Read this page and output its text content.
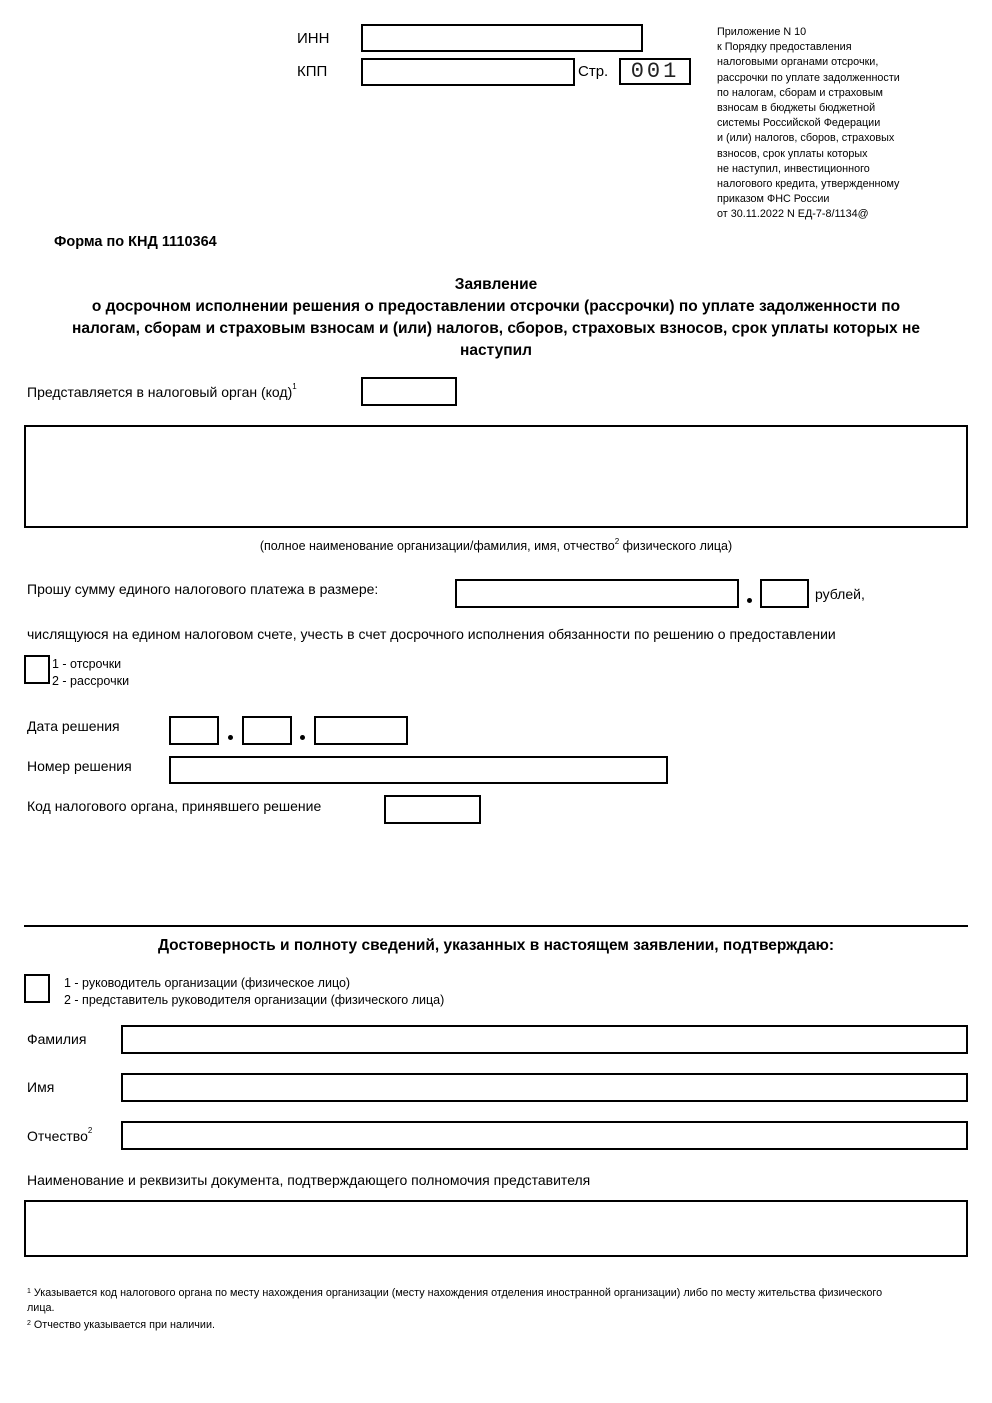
ИНН
КПП	Стр.	001
Приложение N 10
к Порядку предоставления
налоговыми органами отсрочки,
рассрочки по уплате задолженности
по налогам, сборам и страховым
взносам в бюджеты бюджетной
системы Российской Федерации
и (или) налогов, сборов, страховых
взносов, срок уплаты которых
не наступил, инвестиционного
налогового кредита, утвержденному
приказом ФНС России
от 30.11.2022 N ЕД-7-8/1134@
Форма по КНД 1110364
Заявление
о досрочном исполнении решения о предоставлении отсрочки (рассрочки) по уплате задолженности по
налогам, сборам и страховым взносам и (или) налогов, сборов, страховых взносов, срок уплаты которых не
наступил
Представляется в налоговый орган (код)$^1$
(полное наименование организации/фамилия, имя, отчество$^2$ физического лица)
Прошу сумму единого налогового платежа в размере:	рублей,
числящуюся на едином налоговом счете, учесть в счет досрочного исполнения обязанности по решению о предоставлении
1 - отсрочки
2 - рассрочки
Дата решения
Номер решения
Код налогового органа, принявшего решение
Достоверность и полноту сведений, указанных в настоящем заявлении, подтверждаю:
1 - руководитель организации (физическое лицо)
2 - представитель руководителя организации (физического лица)
Фамилия
Имя
Отчество$^2$
Наименование и реквизиты документа, подтверждающего полномочия представителя
$^1$ Указывается код налогового органа по месту нахождения организации (месту нахождения отделения иностранной организации) либо по месту жительства физического
лица.
$^2$ Отчество указывается при наличии.
